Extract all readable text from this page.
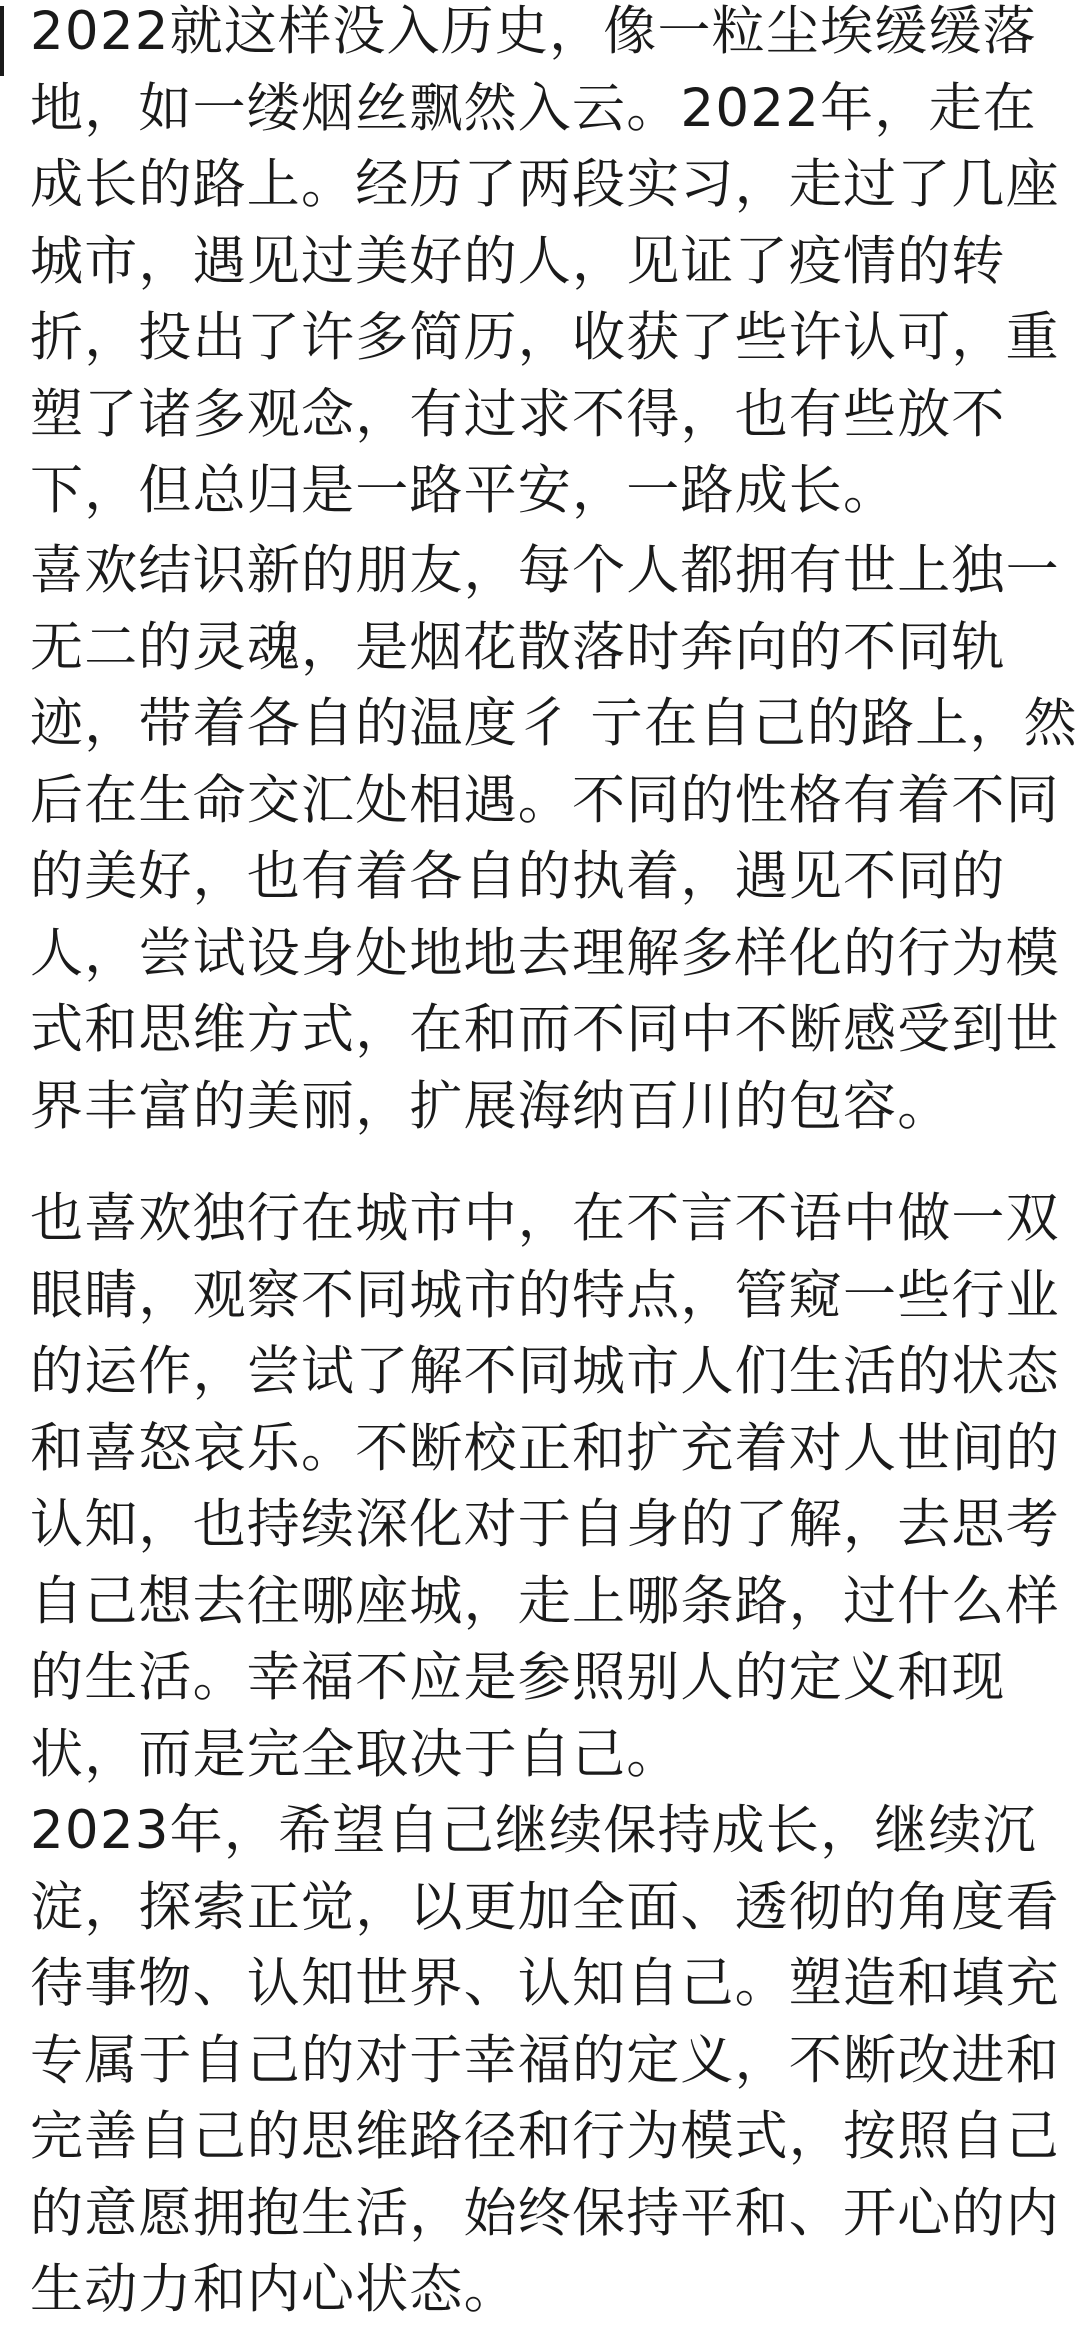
2022就这样没入历史，像一粒尘埃缓缓落
地，如一缕烟丝飘然入云。2022年，走在
成长的路上。经历了两段实习，走过了几座
城市，遇见过美好的人，见证了疫情的转
折，投出了许多简历，收获了些许认可，重
塑了诸多观念，有过求不得，也有些放不
下，但总归是一路平安，一路成长。
喜欢结识新的朋友，每个人都拥有世上独一
无二的灵魂，是烟花散落时奔向的不同轨
迹，带着各自的温度彳 亍在自己的路上，然
后在生命交汇处相遇。不同的性格有着不同
的美好，也有着各自的执着，遇见不同的
人，尝试设身处地地去理解多样化的行为模
式和思维方式，在和而不同中不断感受到世
界丰富的美丽，扩展海纳百川的包容。
也喜欢独行在城市中，在不言不语中做一双
眼睛，观察不同城市的特点，管窥一些行业
的运作，尝试了解不同城市人们生活的状态
和喜怒哀乐。不断校正和扩充着对人世间的
认知，也持续深化对于自身的了解，去思考
自己想去往哪座城，走上哪条路，过什么样
的生活。幸福不应是参照别人的定义和现
状，而是完全取决于自己。
2023年，希望自己继续保持成长，继续沉
淀，探索正觉，以更加全面、透彻的角度看
待事物、认知世界、认知自己。塑造和填充
专属于自己的对于幸福的定义，不断改进和
完善自己的思维路径和行为模式，按照自己
的意愿拥抱生活，始终保持平和、开心的内
生动力和内心状态。
